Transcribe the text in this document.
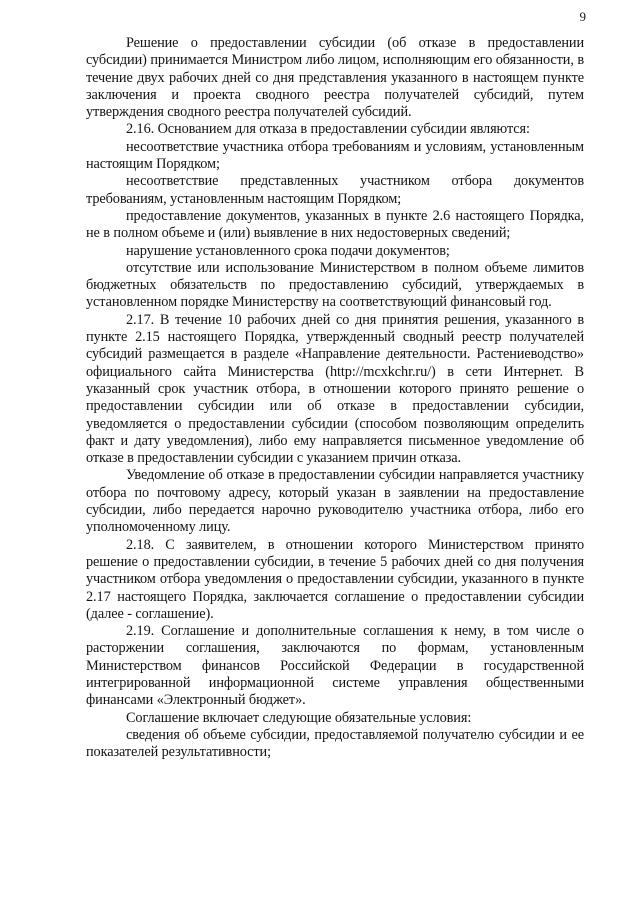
9

Решение о предоставлении субсидии (об отказе в предоставлении субсидии) принимается Министром либо лицом, исполняющим его обязанности, в течение двух рабочих дней со дня представления указанного в настоящем пункте заключения и проекта сводного реестра получателей субсидий, путем утверждения сводного реестра получателей субсидий.

2.16. Основанием для отказа в предоставлении субсидии являются:

несоответствие участника отбора требованиям и условиям, установленным настоящим Порядком;

несоответствие представленных участником отбора документов требованиям, установленным настоящим Порядком;

предоставление документов, указанных в пункте 2.6 настоящего Порядка, не в полном объеме и (или) выявление в них недостоверных сведений;

нарушение установленного срока подачи документов;

отсутствие или использование Министерством в полном объеме лимитов бюджетных обязательств по предоставлению субсидий, утверждаемых в установленном порядке Министерству на соответствующий финансовый год.

2.17. В течение 10 рабочих дней со дня принятия решения, указанного в пункте 2.15 настоящего Порядка, утвержденный сводный реестр получателей субсидий размещается в разделе «Направление деятельности. Растениеводство» официального сайта Министерства (http://mcxkchr.ru/) в сети Интернет. В указанный срок участник отбора, в отношении которого принято решение о предоставлении субсидии или об отказе в предоставлении субсидии, уведомляется о предоставлении субсидии (способом позволяющим определить факт и дату уведомления), либо ему направляется письменное уведомление об отказе в предоставлении субсидии с указанием причин отказа.

Уведомление об отказе в предоставлении субсидии направляется участнику отбора по почтовому адресу, который указан в заявлении на предоставление субсидии, либо передается нарочно руководителю участника отбора, либо его уполномоченному лицу.

2.18. С заявителем, в отношении которого Министерством принято решение о предоставлении субсидии, в течение 5 рабочих дней со дня получения участником отбора уведомления о предоставлении субсидии, указанного в пункте 2.17 настоящего Порядка, заключается соглашение о предоставлении субсидии (далее - соглашение).

2.19. Соглашение и дополнительные соглашения к нему, в том числе о расторжении соглашения, заключаются по формам, установленным Министерством финансов Российской Федерации в государственной интегрированной информационной системе управления общественными финансами «Электронный бюджет».

Соглашение включает следующие обязательные условия:

сведения об объеме субсидии, предоставляемой получателю субсидии и ее показателей результативности;
